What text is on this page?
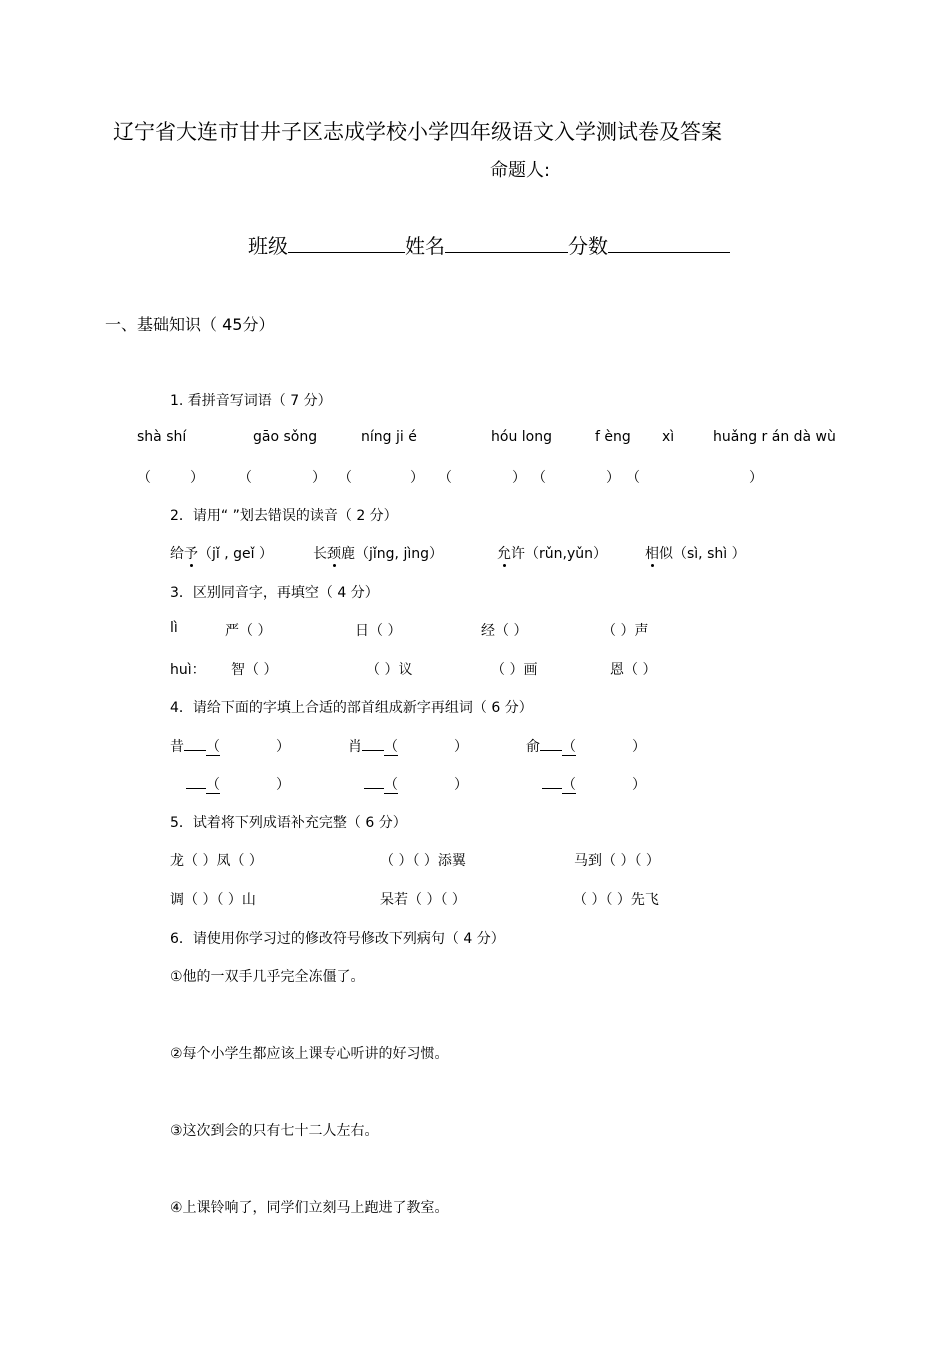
辽宁省大连市甘井子区志成学校小学四年级语文入学测试卷及答案
命题人:
班级	姓名	分数
一、基础知识（ 45分）
1. 看拼音写词语（ 7 分）
shà shí	gāo sǒng	níng ji é	hóu long	f èng xì	huǎng r án dà wù
（	） （	） （	） （	） （	） （	）
2．请用“ ”划去错误的读音（ 2 分）
给予（jǐ , geǐ ）	长颈鹿（jǐng, jìng）	允许（rǔn,yǔn）	相似（sì, shì ）
3．区别同音字，再填空（ 4 分）
lì	严（ ）	日（ ）	经（ ）	（ ）声
huì： 智（ ）	（ ）议	（ ）画	恩（ ）
4．请给下面的字填上合适的部首组成新字再组词（ 6 分）
昔 （	）	肖 （	）	俞 （	）
（	）	（	）	（	）
5．试着将下列成语补充完整（ 6 分）
龙（ ）凤（ ）	（ ）（ ）添翼	马到（ ）（ ）
调（ ）（ ）山	呆若（ ）（ ）	（ ）（ ）先飞
6．请使用你学习过的修改符号修改下列病句（ 4 分）
①他的一双手几乎完全冻僵了。
②每个小学生都应该上课专心听讲的好习惯。
③这次到会的只有七十二人左右。
④上课铃响了，同学们立刻马上跑进了教室。
